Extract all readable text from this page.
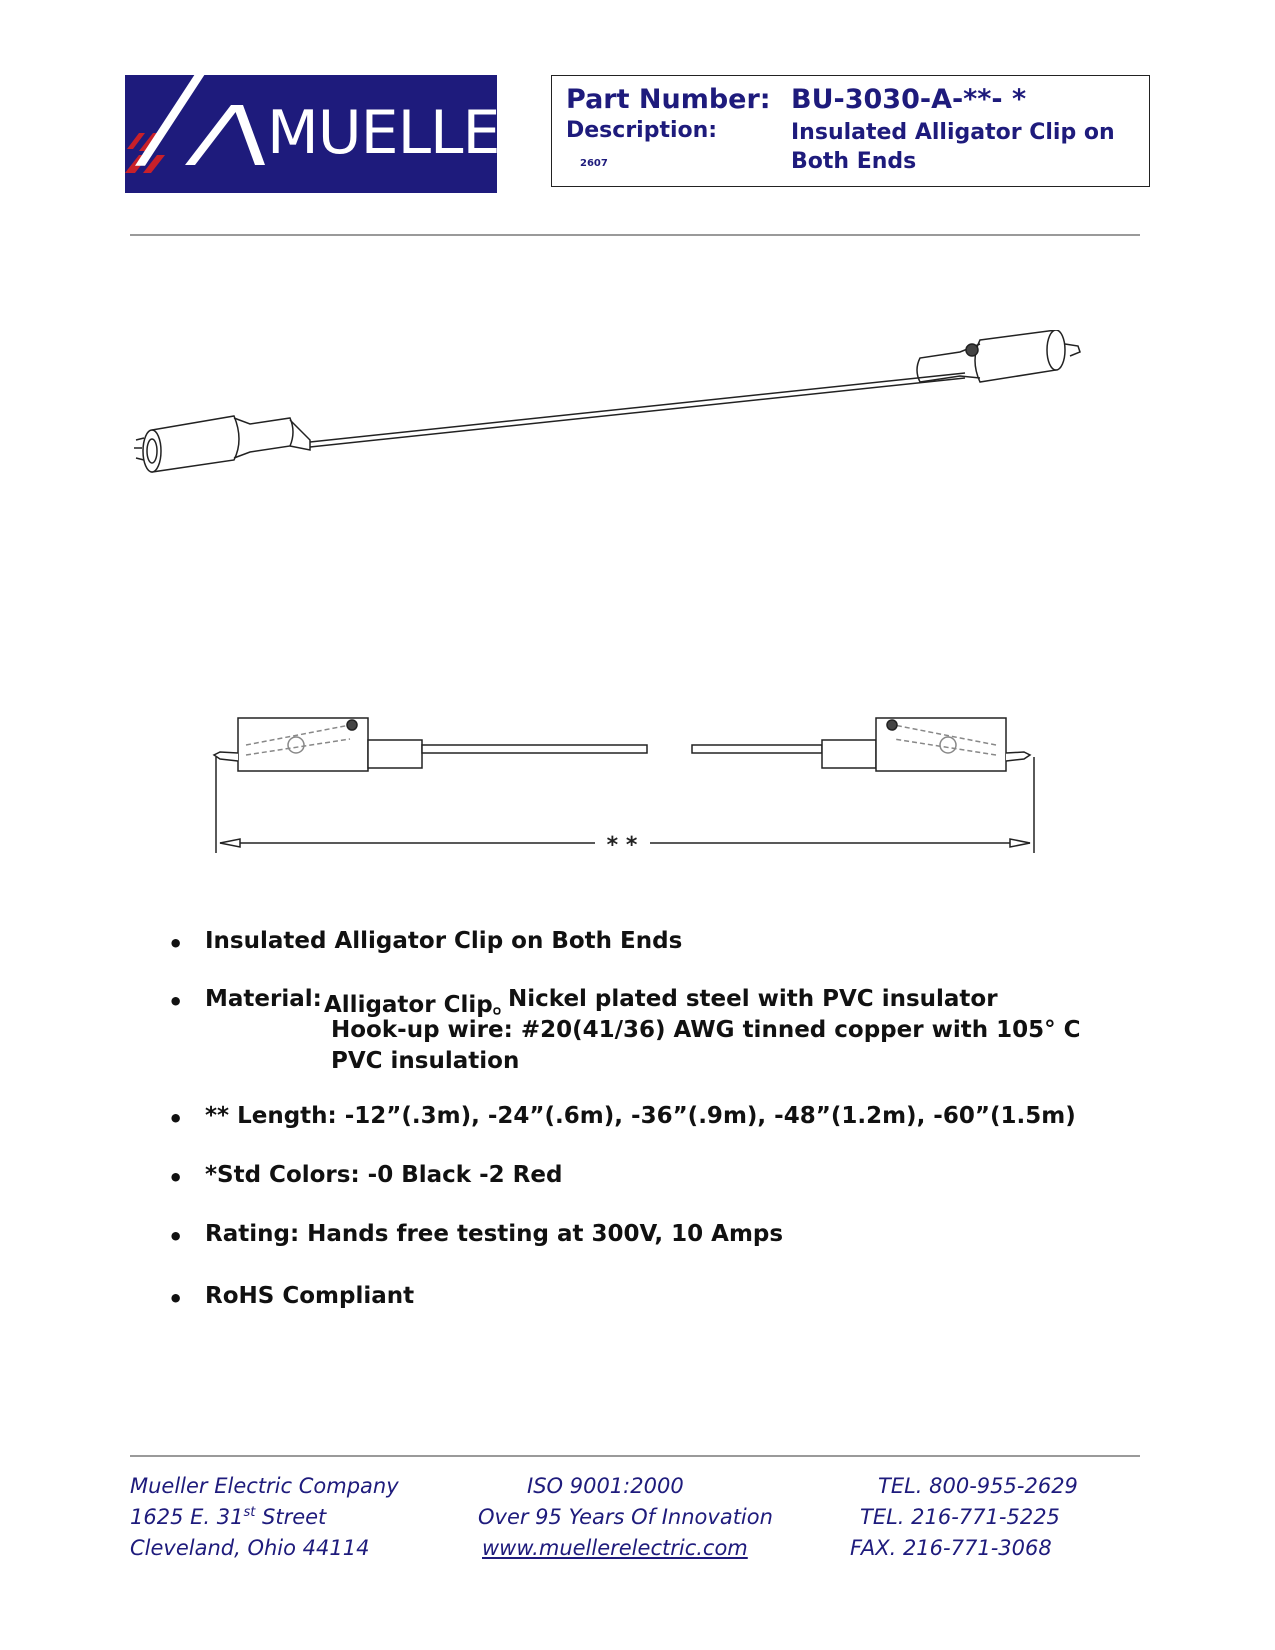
MUELLER Part Number: BU-3030-A-**- *
Description:	Insulated Alligator Clip on Both Ends
2607
* *
• Insulated Alligator Clip on Both Ends
• Material: Alligator Clip。
Nickel plated steel with PVC insulator
Hook-up wire: #20(41/36) AWG tinned copper with 105° C
PVC insulation
• ** Length: -12”(.3m), -24”(.6m), -36”(.9m), -48”(1.2m), -60”(1.5m)
• *Std Colors: -0 Black -2 Red
• Rating: Hands free testing at 300V, 10 Amps
• RoHS Compliant
Mueller Electric Company
1625 E. 31st Street
Cleveland, Ohio 44114
ISO 9001:2000
Over 95 Years Of Innovation
www.muellerelectric.com
TEL. 800-955-2629
TEL. 216-771-5225
FAX. 216-771-3068
